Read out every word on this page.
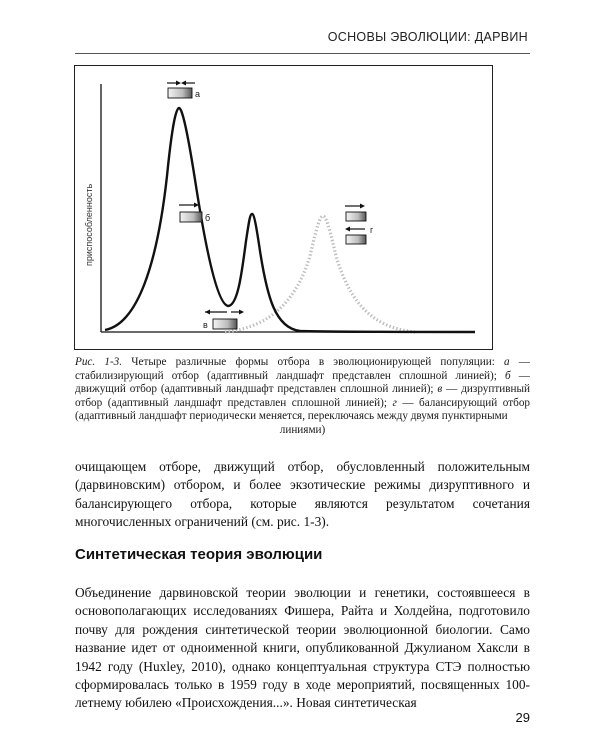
ОСНОВЫ ЭВОЛЮЦИИ: ДАРВИН
приспособленность
а
б
в
г
Рис. 1-3. Четыре различные формы отбора в эволюционирующей популяции: а — стабилизирующий отбор (адаптивный ландшафт представлен сплошной линией); б — движущий отбор (адаптивный ландшафт представлен сплошной линией); в — дизруптивный отбор (адаптивный ландшафт представлен сплошной линией); г — балансирующий отбор (адаптивный ландшафт периодически меняется, переключаясь между двумя пунктирными
линиями)
очищающем отборе, движущий отбор, обусловленный положительным (дарвиновским) отбором, и более экзотические режимы дизруптивного и балансирующего отбора, которые являются результатом сочетания многочисленных ограничений (см. рис. 1-3).
Синтетическая теория эволюции
Объединение дарвиновской теории эволюции и генетики, состоявшееся в основополагающих исследованиях Фишера, Райта и Холдейна, подготовило почву для рождения синтетической теории эволюционной биологии. Само название идет от одноименной книги, опубликованной Джулианом Хаксли в 1942 году (Huxley, 2010), однако концептуальная структура СТЭ полностью сформировалась только в 1959 году в ходе мероприятий, посвященных 100-летнему юбилею «Происхождения...». Новая синтетическая
29
